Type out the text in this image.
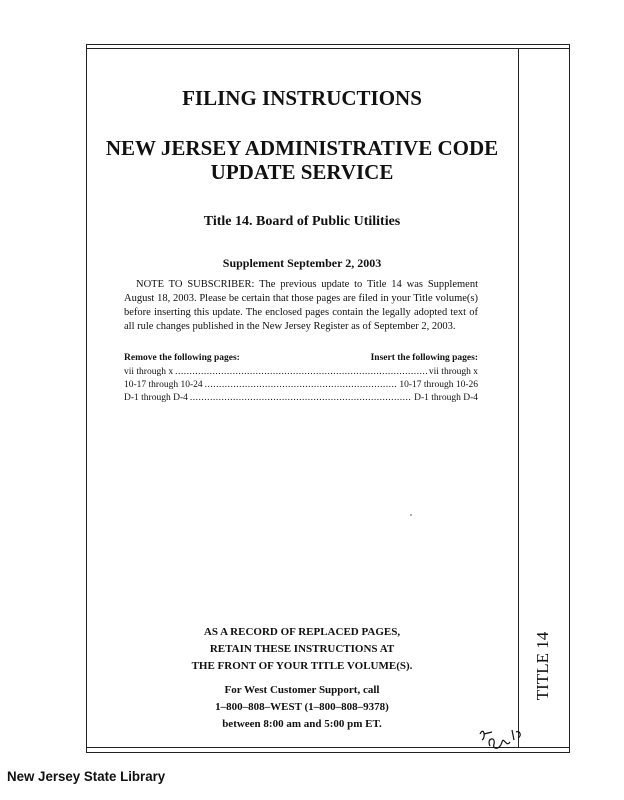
TITLE 14
FILING INSTRUCTIONS
NEW JERSEY ADMINISTRATIVE CODE
UPDATE SERVICE
Title 14. Board of Public Utilities
Supplement September 2, 2003
NOTE TO SUBSCRIBER: The previous update to Title 14 was Supplement August 18, 2003. Please be certain that those pages are filed in your Title volume(s) before inserting this update. The enclosed pages contain the legally adopted text of all rule changes published in the New Jersey Register as of September 2, 2003.
Remove the following pages:	Insert the following pages:
vii through x .....	vii through x
10-17 through 10-24 .....	10-17 through 10-26
D-1 through D-4 .....	D-1 through D-4
AS A RECORD OF REPLACED PAGES,
RETAIN THESE INSTRUCTIONS AT
THE FRONT OF YOUR TITLE VOLUME(S).
For West Customer Support, call
1–800–808–WEST (1–800–808–9378)
between 8:00 am and 5:00 pm ET.
New Jersey State Library
